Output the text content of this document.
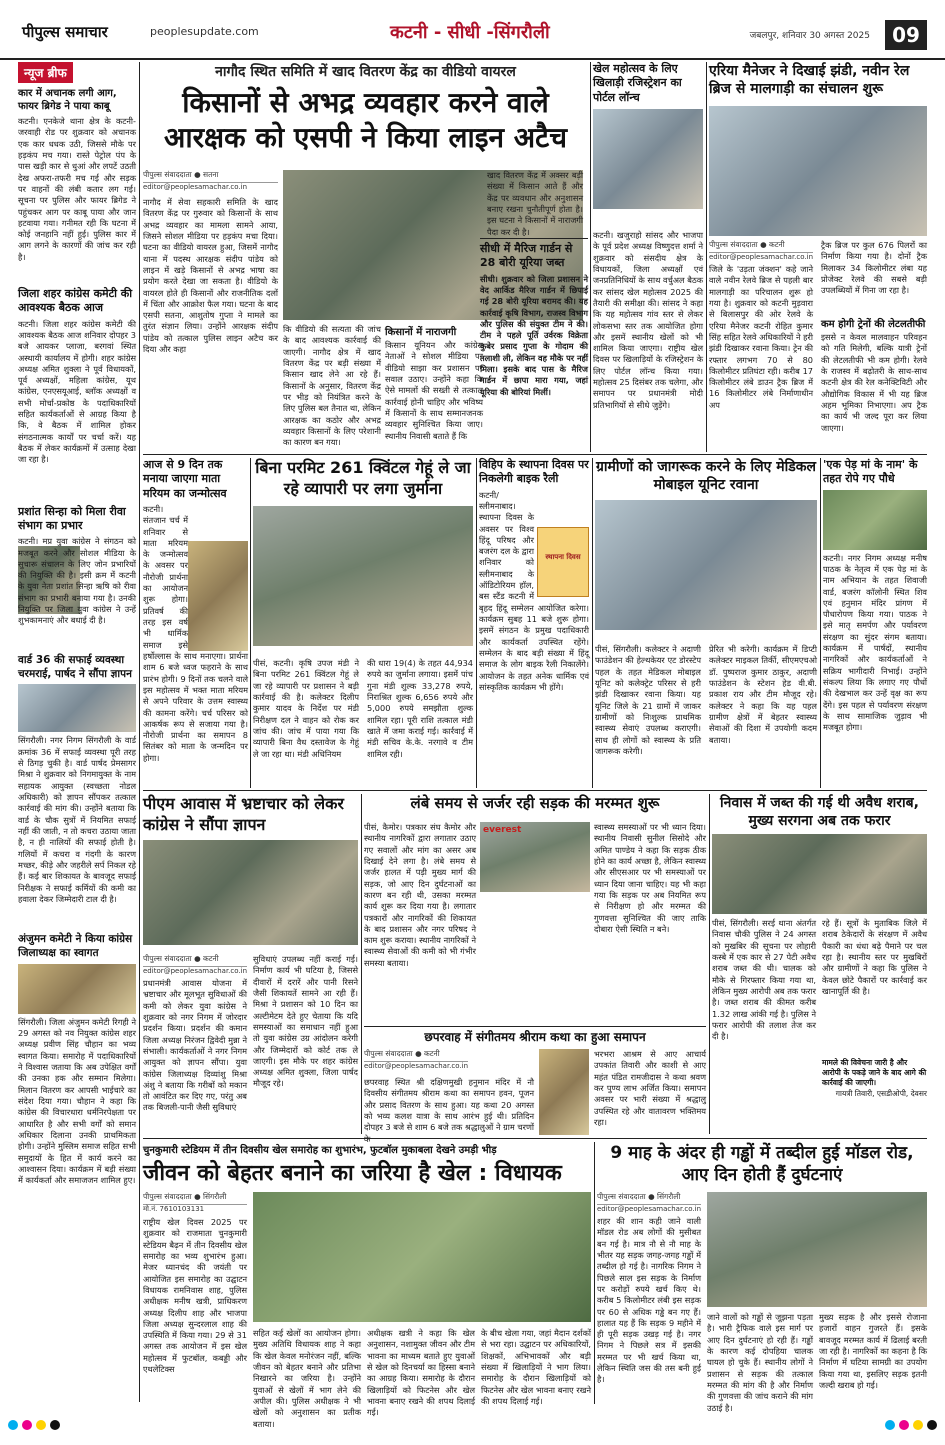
पीपुल्स समाचार	peoplesupdate.com	कटनी - सीधी -सिंगरौली	जबलपुर, शनिवार 30 अगस्त 2025	09
न्यूज ब्रीफ
कार में अचानक लगी आग, फायर ब्रिगेड ने पाया काबू
कटनी। एनकेजे थाना क्षेत्र के कटनी-जरवाही रोड पर शुक्रवार को अचानक एक कार धधक उठी, जिससे मौके पर हड़कंप मच गया। रास्ते पेट्रोल पंप के पास खड़ी कार से धुआं और लपटें उठती देख अफरा-तफरी मच गई और सड़क पर वाहनों की लंबी कतार लग गई। सूचना पर पुलिस और फायर ब्रिगेड ने पहुंचकर आग पर काबू पाया और जान हटवाया गया। गनीमत रही कि घटना में कोई जनहानि नहीं हुई। पुलिस कार में आग लगने के कारणों की जांच कर रही है।
जिला शहर कांग्रेस कमेटी की आवश्यक बैठक आज
कटनी। जिला शहर कांग्रेस कमेटी की आवश्यक बैठक आज शनिवार दोपहर 3 बजे आयकर प्लाजा, बरगवां स्थित अस्थायी कार्यालय में होगी। शहर कांग्रेस अध्यक्ष अमित शुक्ला ने पूर्व विधायकों, पूर्व अध्यक्षों, महिला कांग्रेस, यूथ कांग्रेस, एनएसयूआई, ब्लॉक अध्यक्षों व सभी मोर्चा-प्रकोष्ठ के पदाधिकारियों सहित कार्यकर्ताओं से आग्रह किया है कि, वे बैठक में शामिल होकर संगठनात्मक कार्यों पर चर्चा करें। यह बैठक में लेकर कार्यक्रमों में उत्साह देखा जा रहा है।
प्रशांत सिन्हा को मिला रीवा संभाग का प्रभार
कटनी। मप्र युवा कांग्रेस ने संगठन को मजबूत करने और सोशल मीडिया के सुचारू संचालन के लिए जोन प्रभारियों की नियुक्ति की है। इसी क्रम में कटनी के युवा नेता प्रशांत सिन्हा ऋषि को रीवा संभाग का प्रभारी बनाया गया है। उनकी नियुक्ति पर जिला युवा कांग्रेस ने उन्हें शुभकामनाएं और बधाई दी है।
वार्ड 36 की सफाई व्यवस्था चरमराई, पार्षद ने सौंपा ज्ञापन
सिंगरौली। नगर निगम सिंगरौली के वार्ड क्रमांक 36 में सफाई व्यवस्था पूरी तरह से ठिगड़ चुकी है। वार्ड पार्षद प्रेमसागर मिश्रा ने शुक्रवार को निगमायुक्त के नाम सहायक आयुक्त (स्वच्छता नोडल अधिकारी) को ज्ञापन सौंपकर तत्काल कार्रवाई की मांग की। उन्होंने बताया कि वार्ड के चौक सुत्रों में नियमित सफाई नहीं की जाती, न तो कचरा उठाया जाता है, न ही नालियों की सफाई होती है। गलियों में कचरा व गंदगी के कारण मच्छर, कीड़े और जहरीले सर्प निकल रहे हैं। कई बार शिकायत के बावजूद सफाई निरीक्षक ने सफाई कर्मियों की कमी का हवाला देकर जिम्मेदारी टाल दी है।
अंजुमन कमेटी ने किया कांग्रेस जिलाध्यक्ष का स्वागत
सिंगरौली। जिला अंजुमन कमेटी रिगही ने 29 अगस्त को नव नियुक्त कांग्रेस शहर अध्यक्ष प्रवीण सिंह चौहान का भव्य स्वागत किया। समारोह में पदाधिकारियों ने विश्वास जताया कि अब उपेक्षित वर्गों की उनका हक और सम्मान मिलेगा। मिलान वितरण कर आपसी भाईचारे का संदेश दिया गया। चौहान ने कहा कि कांग्रेस की विचारधारा धर्मनिरपेक्षता पर आधारित है और सभी वर्गों को समान अधिकार दिलाना उनकी प्राथमिकता होगी। उन्होंने मुस्लिम समाज सहित सभी समुदायों के हित में कार्य करने का आश्वासन दिया। कार्यक्रम में बड़ी संख्या में कार्यकर्ता और समाजजन शामिल हुए।
नागौद स्थित समिति में खाद वितरण केंद्र का वीडियो वायरल
किसानों से अभद्र व्यवहार करने वाले आरक्षक को एसपी ने किया लाइन अटैच
पीपुल्स संवाददाता ● सतना
editor@peoplesamachar.co.in
नागौद में सेवा सहकारी समिति के खाद वितरण केंद्र पर गुरुवार को किसानों के साथ अभद्र व्यवहार का मामला सामने आया, जिसने सोशल मीडिया पर हड़कंप मचा दिया। घटना का वीडियो वायरल हुआ, जिसमें नागौद थाना में पदस्थ आरक्षक संदीप पांडेय को लाइन में खड़े किसानों से अभद्र भाषा का प्रयोग करते देखा जा सकता है। वीडियो के वायरल होते ही किसानों और राजनीतिक दलों में चिंता और आक्रोश फैल गया। घटना के बाद एसपी सतना, आशुतोष गुप्ता ने मामले का तुरंत संज्ञान लिया। उन्होंने आरक्षक संदीप पांडेय को तत्काल पुलिस लाइन अटैच कर दिया और कहा
कि वीडियो की सत्यता की जांच के बाद आवश्यक कार्रवाई की जाएगी। नागौद क्षेत्र में खाद वितरण केंद्र पर बड़ी संख्या में किसान खाद लेने आ रहे हैं। किसानों के अनुसार, वितरण केंद्र पर भीड़ को नियंत्रित करने के लिए पुलिस बल तैनात था, लेकिन आरक्षक का कठोर और अभद्र व्यवहार किसानों के लिए परेशानी का कारण बन गया।
किसानों में नाराजगी
किसान यूनियन और कांग्रेस नेताओं ने सोशल मीडिया पर वीडियो साझा कर प्रशासन पर सवाल उठाए। उन्होंने कहा कि ऐसे मामलों की सख्ती से तत्काल कार्रवाई होनी चाहिए और भविष्य में किसानों के साथ सम्मानजनक व्यवहार सुनिश्चित किया जाए। स्थानीय निवासी बताते हैं कि
खाद वितरण केंद्र में अक्सर बड़ी संख्या में किसान आते हैं और केंद्र पर व्यवधान और अनुशासन बनाए रखना चुनौतीपूर्ण होता है। इस घटना ने किसानों में नाराजगी पैदा कर दी है।
खेल महोत्सव के लिए खिलाड़ी रजिस्ट्रेशन का पोर्टल लॉन्च
कटनी। खजुराहो सांसद और भाजपा के पूर्व प्रदेश अध्यक्ष विष्णुदत्त शर्मा ने शुक्रवार को संसदीय क्षेत्र के विधायकों, जिला अध्यक्षों एवं जनप्रतिनिधियों के साथ वर्चुअल बैठक कर सांसद खेल महोत्सव 2025 की तैयारी की समीक्षा की। सांसद ने कहा कि यह महोत्सव गांव स्तर से लेकर लोकसभा स्तर तक आयोजित होगा और इसमें स्थानीय खेलों को भी शामिल किया जाएगा। राष्ट्रीय खेल दिवस पर खिलाड़ियों के रजिस्ट्रेशन के लिए पोर्टल लॉन्च किया गया। महोत्सव 25 दिसंबर तक चलेगा, और समापन पर प्रधानमंत्री मोदी प्रतिभागियों से सीधे जुड़ेंगे।
सीधी में मैरिज गार्डन से 28 बोरी यूरिया जब्त
सीधी। शुक्रवार को जिला प्रशासन ने वेद आर्किड मैरिज गार्डन में छिपाई गई 28 बोरी यूरिया बरामद की। यह कार्रवाई कृषि विभाग, राजस्व विभाग और पुलिस की संयुक्त टीम ने की। टीम ने पहले पूर्ति उर्वरक विक्रेता कुबेर प्रसाद गुप्ता के गोदाम की तलाशी ली, लेकिन वह मौके पर नहीं मिला। इसके बाद पास के मैरिज गार्डन में छापा मारा गया, जहां यूरिया की बोरियां मिलीं।
एरिया मैनेजर ने दिखाई झंडी, नवीन रेल ब्रिज से मालगाड़ी का संचालन शुरू
पीपुल्स संवाददाता ● कटनी
editor@peoplesamachar.co.in
जिले के 'उड़ता जंक्शन' कहे जाने वाले नवीन रेलवे ब्रिज से पहली बार मालगाड़ी का परिचालन शुरू हो गया है। शुक्रवार को कटनी मुड़वारा से बिलासपुर की ओर रेलवे के एरिया मैनेजर कटनी रोहित कुमार सिंह सहित रेलवे अधिकारियों ने हरी झंडी दिखाकर रवाना किया। ट्रेन की रफ्तार लगभग 70 से 80 किलोमीटर प्रतिघंटा रही। करीब 17 किलोमीटर लंबे डाउन ट्रैक ब्रिज में 16 किलोमीटर लंबे निर्माणाधीन अप
ट्रैक ब्रिज पर कुल 676 पिलरों का निर्माण किया गया है। दोनों ट्रैक मिलाकर 34 किलोमीटर लंबा यह प्रोजेक्ट रेलवे की सबसे बड़ी उपलब्धियों में गिना जा रहा है।
कम होगी ट्रेनों की लेटलतीफी
इससे न केवल मालवाहन परिवहन को गति मिलेगी, बल्कि यात्री ट्रेनों की लेटलतीफी भी कम होगी। रेलवे के राजस्व में बढ़ोतरी के साथ-साथ कटनी क्षेत्र की रेल कनेक्टिविटी और औद्योगिक विकास में भी यह ब्रिज अहम भूमिका निभाएगा। अप ट्रैक का कार्य भी जल्द पूरा कर लिया जाएगा।
आज से 9 दिन तक मनाया जाएगा माता मरियम का जन्मोत्सव
कटनी। संतजान चर्च में शनिवार से माता मरियम के जन्मोत्सव के अवसर पर नौरोजी प्रार्थना का आयोजन शुरू होगा। प्रतिवर्ष की तरह इस वर्ष भी धार्मिक समाज इसे हर्षोल्लास के साथ मनाएगा। प्रार्थना शाम 6 बजे ध्वज फहराने के साथ प्रारंभ होगी। 9 दिनों तक चलने वाले इस महोत्सव में भक्त माता मरियम से अपने परिवार के उत्तम स्वास्थ्य की कामना करेंगे। चर्च परिसर को आकर्षक रूप से सजाया गया है। नौरोजी प्रार्थना का समापन 8 सितंबर को माता के जन्मदिन पर होगा।
बिना परमिट 261 क्विंटल गेहूं ले जा रहे व्यापारी पर लगा जुर्माना
पीसं, कटनी। कृषि उपज मंडी ने बिना परमिट 261 क्विंटल गेहूं ले जा रहे व्यापारी पर प्रशासन ने बड़ी कार्रवाई की है। कलेक्टर दिलीप कुमार यादव के निर्देश पर मंडी निरीक्षण दल ने वाहन को रोक कर जांच की। जांच में पाया गया कि व्यापारी बिना वैध दस्तावेज के गेहूं ले जा रहा था। मंडी अधिनियम
की धारा 19(4) के तहत 44,934 रुपये का जुर्माना लगाया। इसमें पांच गुना मंडी शुल्क 33,278 रुपये, निराश्रित शुल्क 6,656 रुपये और 5,000 रुपये समझौता शुल्क शामिल रहा। पूरी राशि तत्काल मंडी खाते में जमा कराई गई। कार्रवाई में मंडी सचिव के.के. नरगावे व टीम शामिल रही।
विहिप के स्थापना दिवस पर निकलेगी बाइक रैली
स्थापना दिवस
कटनी/स्लीमनाबाद। स्थापना दिवस के अवसर पर विश्व हिंदू परिषद और बजरंग दल के द्वारा शनिवार को स्लीमनाबाद के ऑडिटोरियम हॉल, बस स्टैंड कटनी में बृहद हिंदू सम्मेलन आयोजित करेगा। कार्यक्रम सुबह 11 बजे शुरू होगा। इसमें संगठन के प्रमुख पदाधिकारी और कार्यकर्ता उपस्थित रहेंगे। सम्मेलन के बाद बड़ी संख्या में हिंदू समाज के लोग बाइक रैली निकालेंगे। आयोजन के तहत अनेक धार्मिक एवं सांस्कृतिक कार्यक्रम भी होंगे।
ग्रामीणों को जागरूक करने के लिए मेडिकल मोबाइल यूनिट रवाना
पीसं, सिंगरौली। कलेक्टर ने अदाणी फाउंडेशन की हेल्थकेयर एट डोरस्टेप पहल के तहत मेडिकल मोबाइल यूनिट को कलेक्ट्रेट परिसर से हरी झंडी दिखाकर रवाना किया। यह यूनिट जिले के 21 ग्रामों में जाकर ग्रामीणों को निःशुल्क प्राथमिक स्वास्थ्य सेवाएं उपलब्ध कराएगी। साथ ही लोगों को स्वास्थ्य के प्रति जागरूक करेगी।
प्रेरित भी करेगी। कार्यक्रम में डिप्टी कलेक्टर माइकल तिर्की, सीएमएचओ डॉ. पुष्पराज कुमार ठाकुर, अदाणी फाउंडेशन के स्टेशन हेड वी.बी. प्रकाश राय और टीम मौजूद रहे। कलेक्टर ने कहा कि यह पहल ग्रामीण क्षेत्रों में बेहतर स्वास्थ्य सेवाओं की दिशा में उपयोगी कदम बताया।
'एक पेड़ मां के नाम' के तहत रोपे गए पौधे
कटनी। नगर निगम अध्यक्ष मनीष पाठक के नेतृत्व में एक पेड़ मां के नाम अभियान के तहत शिवाजी वार्ड, बजरंग कॉलोनी स्थित शिव एवं हनुमान मंदिर प्रांगण में पौधारोपण किया गया। पाठक ने इसे मातृ समर्पण और पर्यावरण संरक्षण का सुंदर संगम बताया। कार्यक्रम में पार्षदों, स्थानीय नागरिकों और कार्यकर्ताओं ने सक्रिय भागीदारी निभाई। उन्होंने संकल्प लिया कि लगाए गए पौधों की देखभाल कर उन्हें वृक्ष का रूप देंगे। इस पहल से पर्यावरण संरक्षण के साथ सामाजिक जुड़ाव भी मजबूत होगा।
पीएम आवास में भ्रष्टाचार को लेकर कांग्रेस ने सौंपा ज्ञापन
पीपुल्स संवाददाता ● कटनी
editor@peoplesamachar.co.in
प्रधानमंत्री आवास योजना में भ्रष्टाचार और मूलभूत सुविधाओं की कमी को लेकर युवा कांग्रेस ने शुक्रवार को नगर निगम में जोरदार प्रदर्शन किया। प्रदर्शन की कमान जिला अध्यक्ष निरंजन द्विवेदी मुन्ना ने संभाली। कार्यकर्ताओं ने नगर निगम आयुक्त को ज्ञापन सौंपा। युवा कांग्रेस जिलाध्यक्ष दिव्यांशु मिश्रा अंशु ने बताया कि गरीबों को मकान तो आवंटित कर दिए गए, परंतु अब तक बिजली-पानी जैसी सुविधाएं
सुविधाएं उपलब्ध नहीं कराई गई। निर्माण कार्य भी घटिया है, जिससे दीवारों में दरारें और पानी रिसने जैसी शिकायतें सामने आ रही हैं। मिश्रा ने प्रशासन को 10 दिन का अल्टीमेटम देते हुए चेताया कि यदि समस्याओं का समाधान नहीं हुआ तो युवा कांग्रेस उग्र आंदोलन करेगी और जिम्मेदारों को कोर्ट तक ले जाएगी। इस मौके पर शहर कांग्रेस अध्यक्ष अमित शुक्ला, जिला पार्षद मौजूद रहे।
लंबे समय से जर्जर रही सड़क की मरम्मत शुरू
पीसं, कैमोर। पत्रकार संघ कैमोर और स्थानीय नागरिकों द्वारा लगातार उठाए गए सवालों और मांग का असर अब दिखाई देने लगा है। लंबे समय से जर्जर हालत में पड़ी मुख्य मार्ग की सड़क, जो आए दिन दुर्घटनाओं का कारण बन रही थी, उसका मरम्मत कार्य शुरू कर दिया गया है। लगातार पत्रकारों और नागरिकों की शिकायत के बाद प्रशासन और नगर परिषद ने काम शुरू कराया। स्थानीय नागरिकों ने स्वास्थ्य सेवाओं की कमी को भी गंभीर समस्या बताया।
everest	स्वास्थ्य समस्याओं पर भी ध्यान दिया। स्थानीय निवासी सुनील सिसोदे और अमित पाण्डेय ने कहा कि सड़क ठीक होने का कार्य अच्छा है, लेकिन स्वास्थ्य और सीएसआर पर भी समस्याओं पर ध्यान दिया जाना चाहिए। यह भी कहा गया कि सड़क पर अब नियमित रूप से निरीक्षण हो और मरम्मत की गुणवत्ता सुनिश्चित की जाए ताकि दोबारा ऐसी स्थिति न बने।
छपरवाह में संगीतमय श्रीराम कथा का हुआ समापन
पीपुल्स संवाददाता ● कटनी
editor@peoplesamachar.co.in
छपरवाह स्थित श्री दक्षिणमुखी हनुमान मंदिर में नौ दिवसीय संगीतमय श्रीराम कथा का समापन हवन, पूजन और प्रसाद वितरण के साथ हुआ। यह कथा 20 अगस्त को भव्य कलश यात्रा के साथ आरंभ हुई थी। प्रतिदिन दोपहर 3 बजे से शाम 6 बजे तक श्रद्धालुओं ने ग्राम चरणों
भरभरा आश्रम से आए आचार्य उपकांत तिवारी और काशी से आए महंत पंडित रामजीदास ने कथा श्रवण कर पुण्य लाभ अर्जित किया। समापन अवसर पर भारी संख्या में श्रद्धालु उपस्थित रहे और वातावरण भक्तिमय रहा।
निवास में जब्त की गई थी अवैध शराब, मुख्य सरगना अब तक फरार
पीसं, सिंगरौली। सरई थाना अंतर्गत निवास चौकी पुलिस ने 24 अगस्त को मुखबिर की सूचना पर लोहारी कस्बे में एक कार से 27 पेटी अवैध शराब जब्त की थी। चालक को मौके से गिरफ्तार किया गया था, लेकिन मुख्य आरोपी अब तक फरार है। जब्त शराब की कीमत करीब 1.32 लाख आंकी गई है। पुलिस ने फरार आरोपी की तलाश तेज कर दी है।
रहे हैं। सूत्रों के मुताबिक जिले में शराब ठेकेदारों के संरक्षण में अवैध पैकारी का धंधा बढ़े पैमाने पर चल रहा है। स्थानीय स्तर पर मुखबिरों और ग्रामीणों ने कहा कि पुलिस ने केवल छोटे पैकारों पर कार्रवाई कर खानापूर्ति की है।
मामले की विवेचना जारी है और आरोपी के पकड़े जाने के बाद आगे की कार्रवाई की जाएगी।
गायत्री तिवारी, एसडीओपी, देवसर
चुनकुमारी स्टेडियम में तीन दिवसीय खेल समारोह का शुभारंभ, फुटबॉल मुकाबला देखने उमड़ी भीड़
जीवन को बेहतर बनाने का जरिया है खेल : विधायक
पीपुल्स संवाददाता ● सिंगरौली
मो.नं. 7610103131
राष्ट्रीय खेल दिवस 2025 पर शुक्रवार को राजमाता चुनकुमारी स्टेडियम बैढ़न में तीन दिवसीय खेल समारोह का भव्य शुभारंभ हुआ। मेजर ध्यानचंद की जयंती पर आयोजित इस समारोह का उद्घाटन विधायक रामनिवास शाह, पुलिस अधीक्षक मनीष खत्री, प्राधिकरण अध्यक्ष दिलीप शाह और भाजपा जिला अध्यक्ष सुन्दरलाल शाह की उपस्थिति में किया गया। 29 से 31 अगस्त तक आयोजन में इस खेल महोत्सव में फुटबॉल, कबड्डी और एथलेटिक्स
सहित कई खेलों का आयोजन होगा। मुख्य अतिथि विधायक शाह ने कहा कि खेल केवल मनोरंजन नहीं, बल्कि जीवन को बेहतर बनाने और प्रतिभा निखारने का जरिया है। उन्होंने युवाओं से खेलों में भाग लेने की अपील की। पुलिस अधीक्षक ने भी खेलों को अनुशासन का प्रतीक बताया।
अधीक्षक खत्री ने कहा कि खेल अनुशासन, नशामुक्त जीवन और टीम भावना का माध्यम बताते हुए युवाओं से खेल को दिनचर्या का हिस्सा बनाने का आग्रह किया। समारोह के दौरान खिलाड़ियों को फिटनेस और खेल भावना बनाए रखने की शपथ दिलाई गई।
के बीच खेला गया, जहां मैदान दर्शकों से भरा रहा। उद्घाटन पर अधिकारियों, शिक्षकों, अभिभावकों और बड़ी संख्या में खिलाड़ियों ने भाग लिया। समारोह के दौरान खिलाड़ियों को फिटनेस और खेल भावना बनाए रखने की शपथ दिलाई गई।
9 माह के अंदर ही गड्ढों में तब्दील हुई मॉडल रोड, आए दिन होती हैं दुर्घटनाएं
पीपुल्स संवाददाता ● सिंगरौली
editor@peoplesamachar.co.in
शहर की शान कही जाने वाली मॉडल रोड अब लोगों की मुसीबत बन गई है। मात्र नौ से नौ माह के भीतर यह सड़क जगह-जगह गड्ढों में तब्दील हो गई है। नागरिक निगम ने पिछले साल इस सड़क के निर्माण पर करोड़ों रुपये खर्च किए थे। करीब 5 किलोमीटर लंबी इस सड़क पर 60 से अधिक गड्ढे बन गए हैं। हालात यह हैं कि सड़क 9 महीने में ही पूरी सड़क उखड़ गई है। नगर निगम ने पिछले सत्र में इसकी मरम्मत पर भी खर्च किया था, लेकिन स्थिति जस की तस बनी हुई है।
जाने वालों को गड्ढों से जूझना पड़ता है। भारी ट्रैफिक वाले इस मार्ग पर आए दिन दुर्घटनाएं हो रही हैं। गड्ढों के कारण कई दोपहिया चालक घायल हो चुके हैं। स्थानीय लोगों ने प्रशासन से सड़क की तत्काल मरम्मत की मांग की है और निर्माण की गुणवत्ता की जांच कराने की मांग उठाई है।
मुख्य सड़क है और इससे रोजाना हजारों वाहन गुजरते हैं। इसके बावजूद मरम्मत कार्य में ढिलाई बरती जा रही है। नागरिकों का कहना है कि निर्माण में घटिया सामग्री का उपयोग किया गया था, इसलिए सड़क इतनी जल्दी खराब हो गई।
